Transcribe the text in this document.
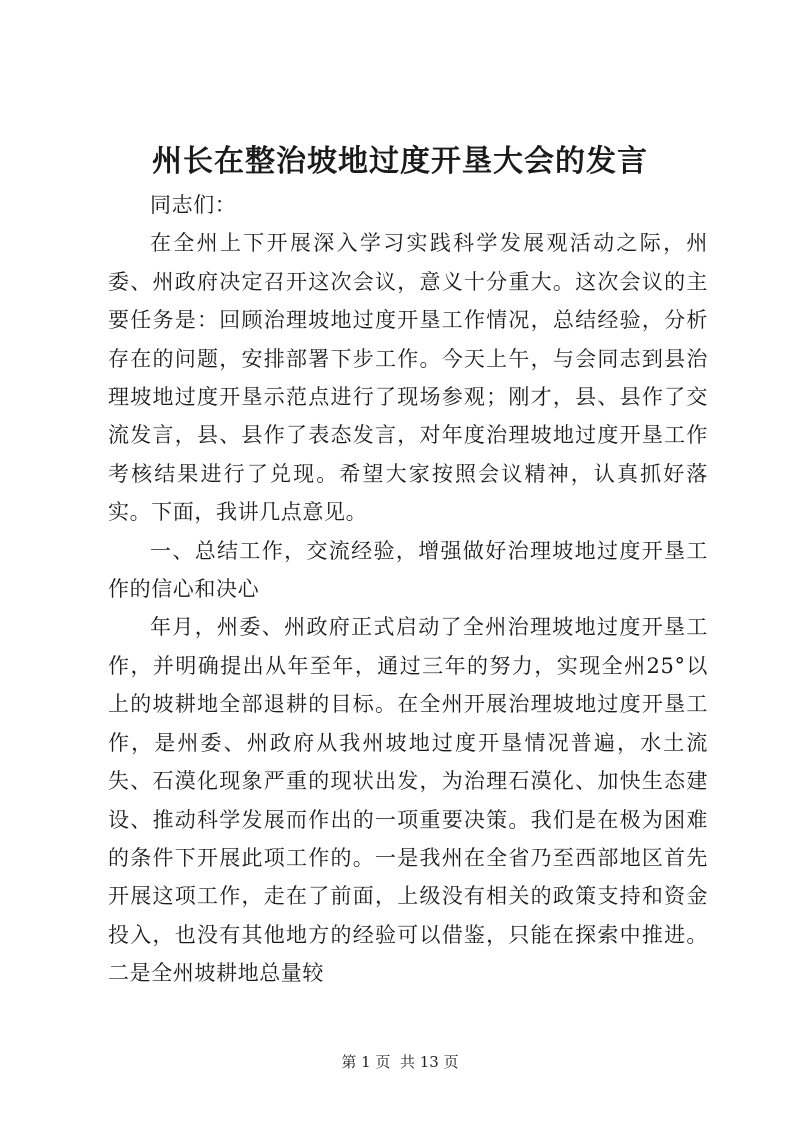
州长在整治坡地过度开垦大会的发言

同志们：

在全州上下开展深入学习实践科学发展观活动之际，州委、州政府决定召开这次会议，意义十分重大。这次会议的主要任务是：回顾治理坡地过度开垦工作情况，总结经验，分析存在的问题，安排部署下步工作。今天上午，与会同志到县治理坡地过度开垦示范点进行了现场参观；刚才，县、县作了交流发言，县、县作了表态发言，对年度治理坡地过度开垦工作考核结果进行了兑现。希望大家按照会议精神，认真抓好落实。下面，我讲几点意见。

一、总结工作，交流经验，增强做好治理坡地过度开垦工作的信心和决心

年月，州委、州政府正式启动了全州治理坡地过度开垦工作，并明确提出从年至年，通过三年的努力，实现全州25°以上的坡耕地全部退耕的目标。在全州开展治理坡地过度开垦工作，是州委、州政府从我州坡地过度开垦情况普遍，水土流失、石漠化现象严重的现状出发，为治理石漠化、加快生态建设、推动科学发展而作出的一项重要决策。我们是在极为困难的条件下开展此项工作的。一是我州在全省乃至西部地区首先开展这项工作，走在了前面，上级没有相关的政策支持和资金投入，也没有其他地方的经验可以借鉴，只能在探索中推进。二是全州坡耕地总量较

第 1 页  共 13 页
